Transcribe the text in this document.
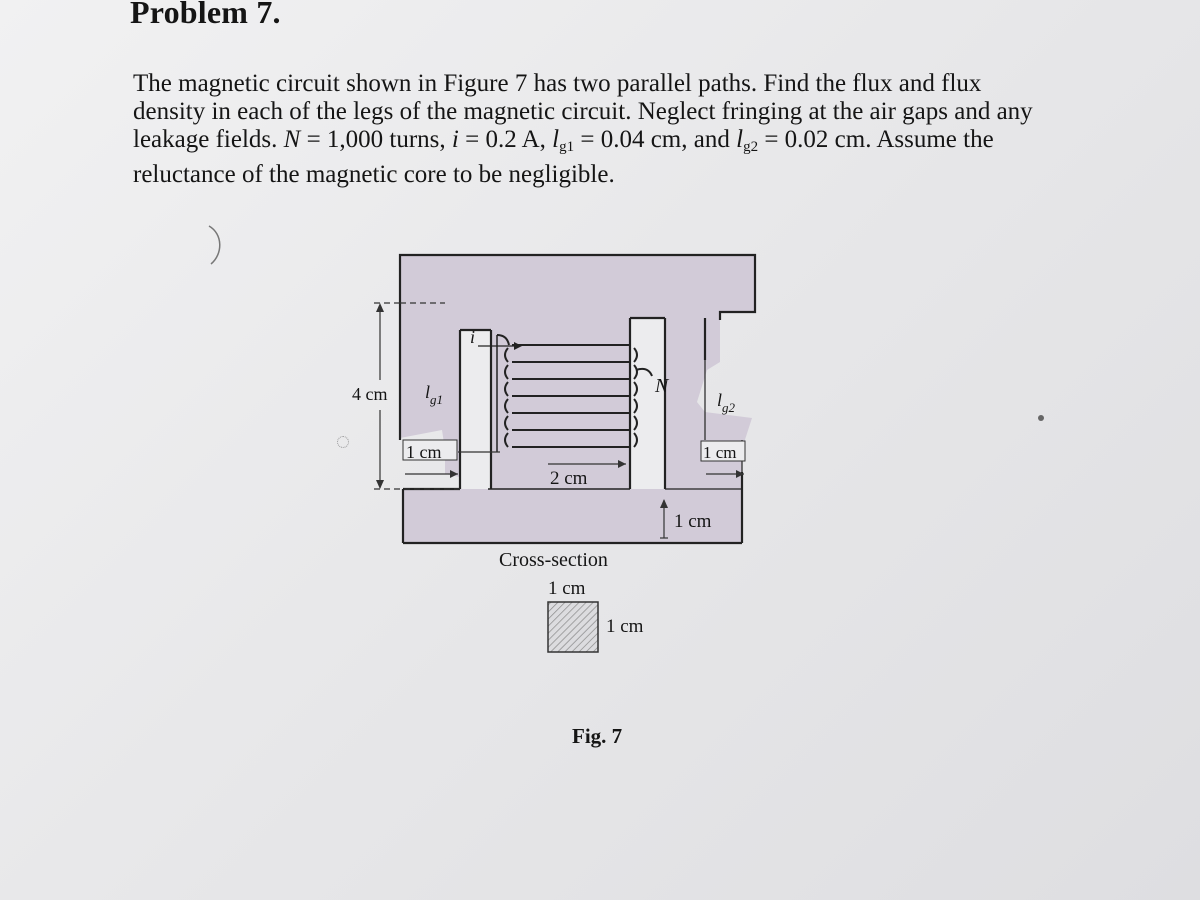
Problem 7.
The magnetic circuit shown in Figure 7 has two parallel paths. Find the flux and flux
density in each of the legs of the magnetic circuit. Neglect fringing at the air gaps and any
leakage fields. N = 1,000 turns, i = 0.2 A, $l_{g1} = 0.04$ cm, and $l_{g2} = 0.02$ cm. Assume the
reluctance of the magnetic core to be negligible.
i
4 cm $l_{g1}$	$l_{g2}$
N
1 cm
2 cm
1 cm
1 cm
Cross-section
1 cm
1 cm
Fig. 7
